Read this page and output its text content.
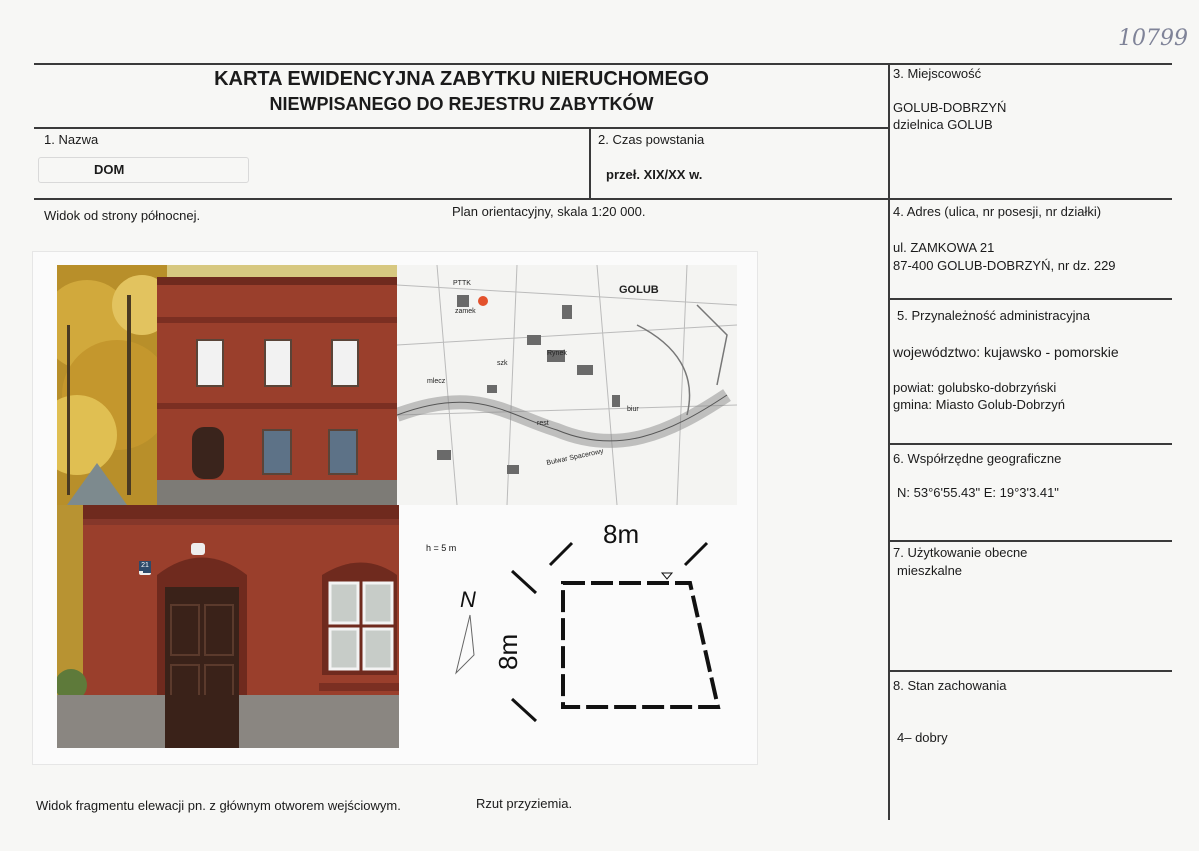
10799
KARTA EWIDENCYJNA ZABYTKU NIERUCHOMEGO
NIEWPISANEGO DO REJESTRU ZABYTKÓW
1. Nazwa
DOM
2. Czas powstania
przeł. XIX/XX w.
3. Miejscowość
GOLUB-DOBRZYŃ
dzielnica GOLUB
4. Adres (ulica, nr posesji, nr działki)
ul. ZAMKOWA 21
87-400 GOLUB-DOBRZYŃ, nr dz. 229
5. Przynależność administracyjna
województwo: kujawsko - pomorskie
powiat: golubsko-dobrzyński
gmina: Miasto Golub-Dobrzyń
6. Współrzędne geograficzne
N: 53°6'55.43" E: 19°3'3.41"
7. Użytkowanie obecne
mieszkalne
8. Stan zachowania
4– dobry
Widok od strony północnej.	Plan orientacyjny, skala 1:20 000.
Widok fragmentu elewacji pn. z głównym otworem wejściowym.	Rzut przyziemia.
GOLUB
PTTK
zamek
mlecz
Rynek
Bulwar Spacerowy
biur
szk
rest
21
N
h = 5 m	8m
8m
